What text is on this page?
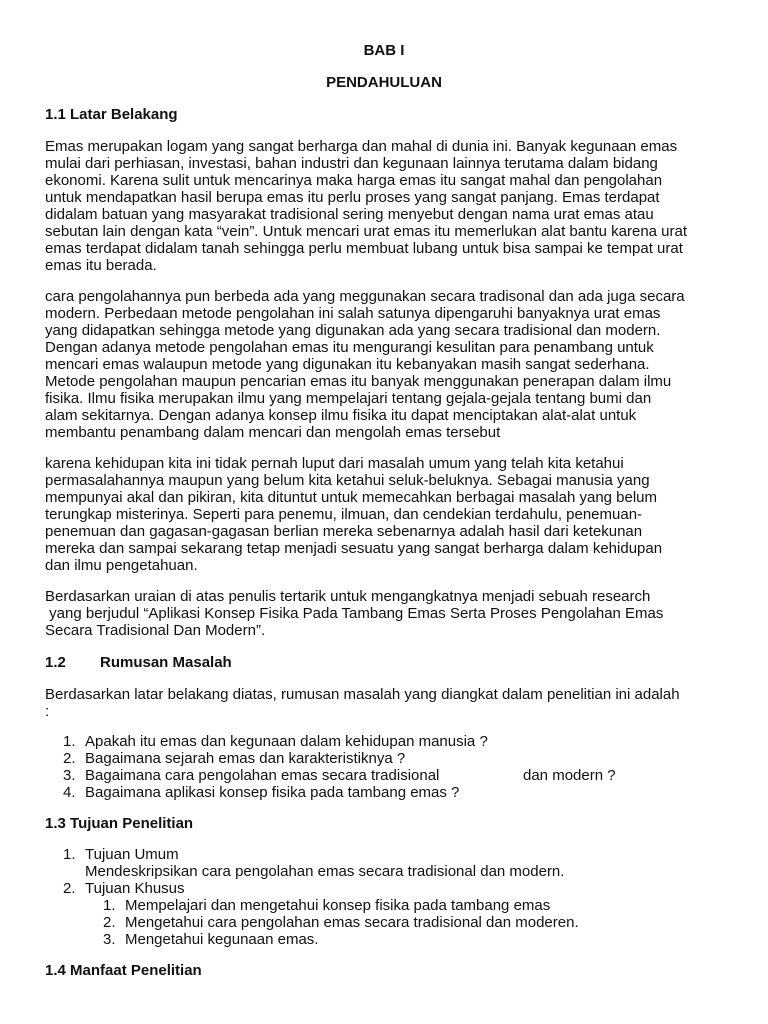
BAB I
PENDAHULUAN
1.1 Latar Belakang
Emas merupakan logam yang sangat berharga dan mahal di dunia ini. Banyak kegunaan emas
mulai dari perhiasan, investasi, bahan industri dan kegunaan lainnya terutama dalam bidang
ekonomi. Karena sulit untuk mencarinya maka harga emas itu sangat mahal dan pengolahan
untuk mendapatkan hasil berupa emas itu perlu proses yang sangat panjang. Emas terdapat
didalam batuan yang masyarakat tradisional sering menyebut dengan nama urat emas atau
sebutan lain dengan kata “vein”. Untuk mencari urat emas itu memerlukan alat bantu karena urat
emas terdapat didalam tanah sehingga perlu membuat lubang untuk bisa sampai ke tempat urat
emas itu berada.
cara pengolahannya pun berbeda ada yang meggunakan secara tradisonal dan ada juga secara
modern. Perbedaan metode pengolahan ini salah satunya dipengaruhi banyaknya urat emas
yang didapatkan sehingga metode yang digunakan ada yang secara tradisional dan modern.
Dengan adanya metode pengolahan emas itu mengurangi kesulitan para penambang untuk
mencari emas walaupun metode yang digunakan itu kebanyakan masih sangat sederhana.
Metode pengolahan maupun pencarian emas itu banyak menggunakan penerapan dalam ilmu
fisika. Ilmu fisika merupakan ilmu yang mempelajari tentang gejala-gejala tentang bumi dan
alam sekitarnya. Dengan adanya konsep ilmu fisika itu dapat menciptakan alat-alat untuk
membantu penambang dalam mencari dan mengolah emas tersebut
karena kehidupan kita ini tidak pernah luput dari masalah umum yang telah kita ketahui
permasalahannya maupun yang belum kita ketahui seluk-beluknya. Sebagai manusia yang
mempunyai akal dan pikiran, kita dituntut untuk memecahkan berbagai masalah yang belum
terungkap misterinya. Seperti para penemu, ilmuan, dan cendekian terdahulu, penemuan-
penemuan dan gagasan-gagasan berlian mereka sebenarnya adalah hasil dari ketekunan
mereka dan sampai sekarang tetap menjadi sesuatu yang sangat berharga dalam kehidupan
dan ilmu pengetahuan.
Berdasarkan uraian di atas penulis tertarik untuk mengangkatnya menjadi sebuah research
yang berjudul “Aplikasi Konsep Fisika Pada Tambang Emas Serta Proses Pengolahan Emas
Secara Tradisional Dan Modern”.
1.2 Rumusan Masalah
Berdasarkan latar belakang diatas, rumusan masalah yang diangkat dalam penelitian ini adalah
:
1. Apakah itu emas dan kegunaan dalam kehidupan manusia ?
2. Bagaimana sejarah emas dan karakteristiknya ?
3. Bagaimana cara pengolahan emas secara tradisional	dan modern ?
4. Bagaimana aplikasi konsep fisika pada tambang emas ?
1.3 Tujuan Penelitian
1. Tujuan Umum
Mendeskripsikan cara pengolahan emas secara tradisional dan modern.
2. Tujuan Khusus
1. Mempelajari dan mengetahui konsep fisika pada tambang emas
2. Mengetahui cara pengolahan emas secara tradisional dan moderen.
3. Mengetahui kegunaan emas.
1.4 Manfaat Penelitian
